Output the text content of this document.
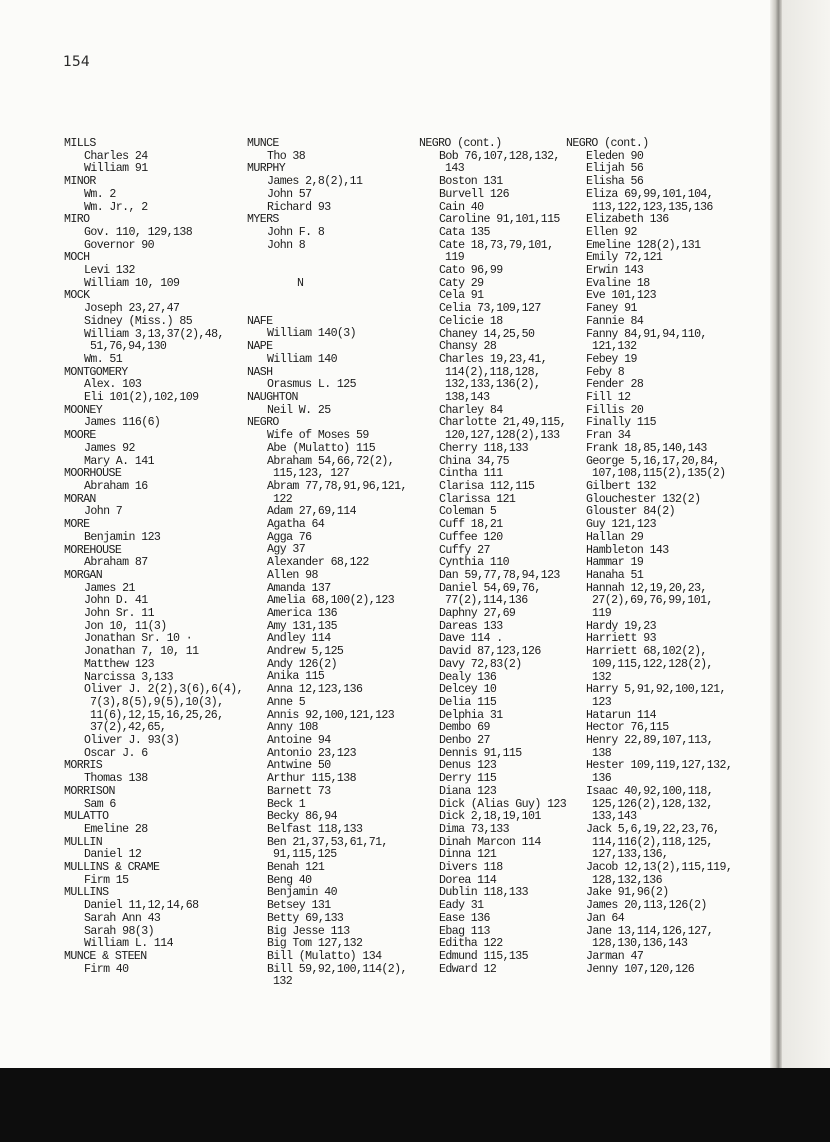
154
MILLS
Charles 24
William 91
MINOR
Wm. 2
Wm. Jr., 2
MIRO
Gov. 110, 129,138
Governor 90
MOCH
Levi 132
William 10, 109
MOCK
Joseph 23,27,47
Sidney (Miss.) 85
William 3,13,37(2),48,
51,76,94,130
Wm. 51
MONTGOMERY
Alex. 103
Eli 101(2),102,109
MOONEY
James 116(6)
MOORE
James 92
Mary A. 141
MOORHOUSE
Abraham 16
MORAN
John 7
MORE
Benjamin 123
MOREHOUSE
Abraham 87
MORGAN
James 21
John D. 41
John Sr. 11
Jon 10, 11(3)
Jonathan Sr. 10 ·
Jonathan 7, 10, 11
Matthew 123
Narcissa 3,133
Oliver J. 2(2),3(6),6(4),
7(3),8(5),9(5),10(3),
11(6),12,15,16,25,26,
37(2),42,65,
Oliver J. 93(3)
Oscar J. 6
MORRIS
Thomas 138
MORRISON
Sam 6
MULATTO
Emeline 28
MULLIN
Daniel 12
MULLINS & CRAME
Firm 15
MULLINS
Daniel 11,12,14,68
Sarah Ann 43
Sarah 98(3)
William L. 114
MUNCE & STEEN
Firm 40
MUNCE
Tho 38
MURPHY
James 2,8(2),11
John 57
Richard 93
MYERS
John F. 8
John 8
N
NAFE
William 140(3)
NAPE
William 140
NASH
Orasmus L. 125
NAUGHTON
Neil W. 25
NEGRO
Wife of Moses 59
Abe (Mulatto) 115
Abraham 54,66,72(2),
115,123, 127
Abram 77,78,91,96,121,
122
Adam 27,69,114
Agatha 64
Agga 76
Agy 37
Alexander 68,122
Allen 98
Amanda 137
Amelia 68,100(2),123
America 136
Amy 131,135
Andley 114
Andrew 5,125
Andy 126(2)
Anika 115
Anna 12,123,136
Anne 5
Annis 92,100,121,123
Anny 108
Antoine 94
Antonio 23,123
Antwine 50
Arthur 115,138
Barnett 73
Beck 1
Becky 86,94
Belfast 118,133
Ben 21,37,53,61,71,
91,115,125
Benah 121
Beng 40
Benjamin 40
Betsey 131
Betty 69,133
Big Jesse 113
Big Tom 127,132
Bill (Mulatto) 134
Bill 59,92,100,114(2),
132
NEGRO (cont.)
Bob 76,107,128,132,
143
Boston 131
Burvell 126
Cain 40
Caroline 91,101,115
Cata 135
Cate 18,73,79,101,
119
Cato 96,99
Caty 29
Cela 91
Celia 73,109,127
Celicie 18
Chaney 14,25,50
Chansy 28
Charles 19,23,41,
114(2),118,128,
132,133,136(2),
138,143
Charley 84
Charlotte 21,49,115,
120,127,128(2),133
Cherry 118,133
China 34,75
Cintha 111
Clarisa 112,115
Clarissa 121
Coleman 5
Cuff 18,21
Cuffee 120
Cuffy 27
Cynthia 110
Dan 59,77,78,94,123
Daniel 54,69,76,
77(2),114,136
Daphny 27,69
Dareas 133
Dave 114 .
David 87,123,126
Davy 72,83(2)
Dealy 136
Delcey 10
Delia 115
Delphia 31
Dembo 69
Denbo 27
Dennis 91,115
Denus 123
Derry 115
Diana 123
Dick (Alias Guy) 123
Dick 2,18,19,101
Dima 73,133
Dinah Marcon 114
Dinna 121
Divers 118
Dorea 114
Dublin 118,133
Eady 31
Ease 136
Ebag 113
Editha 122
Edmund 115,135
Edward 12
NEGRO (cont.)
Eleden 90
Elijah 56
Elisha 56
Eliza 69,99,101,104,
113,122,123,135,136
Elizabeth 136
Ellen 92
Emeline 128(2),131
Emily 72,121
Erwin 143
Evaline 18
Eve 101,123
Faney 91
Fannie 84
Fanny 84,91,94,110,
121,132
Febey 19
Feby 8
Fender 28
Fill 12
Fillis 20
Finally 115
Fran 34
Frank 18,85,140,143
George 5,16,17,20,84,
107,108,115(2),135(2)
Gilbert 132
Glouchester 132(2)
Glouster 84(2)
Guy 121,123
Hallan 29
Hambleton 143
Hammar 19
Hanaha 51
Hannah 12,19,20,23,
27(2),69,76,99,101,
119
Hardy 19,23
Harriett 93
Harriett 68,102(2),
109,115,122,128(2),
132
Harry 5,91,92,100,121,
123
Hatarun 114
Hector 76,115
Henry 22,89,107,113,
138
Hester 109,119,127,132,
136
Isaac 40,92,100,118,
125,126(2),128,132,
133,143
Jack 5,6,19,22,23,76,
114,116(2),118,125,
127,133,136,
Jacob 12,13(2),115,119,
128,132,136
Jake 91,96(2)
James 20,113,126(2)
Jan 64
Jane 13,114,126,127,
128,130,136,143
Jarman 47
Jenny 107,120,126
